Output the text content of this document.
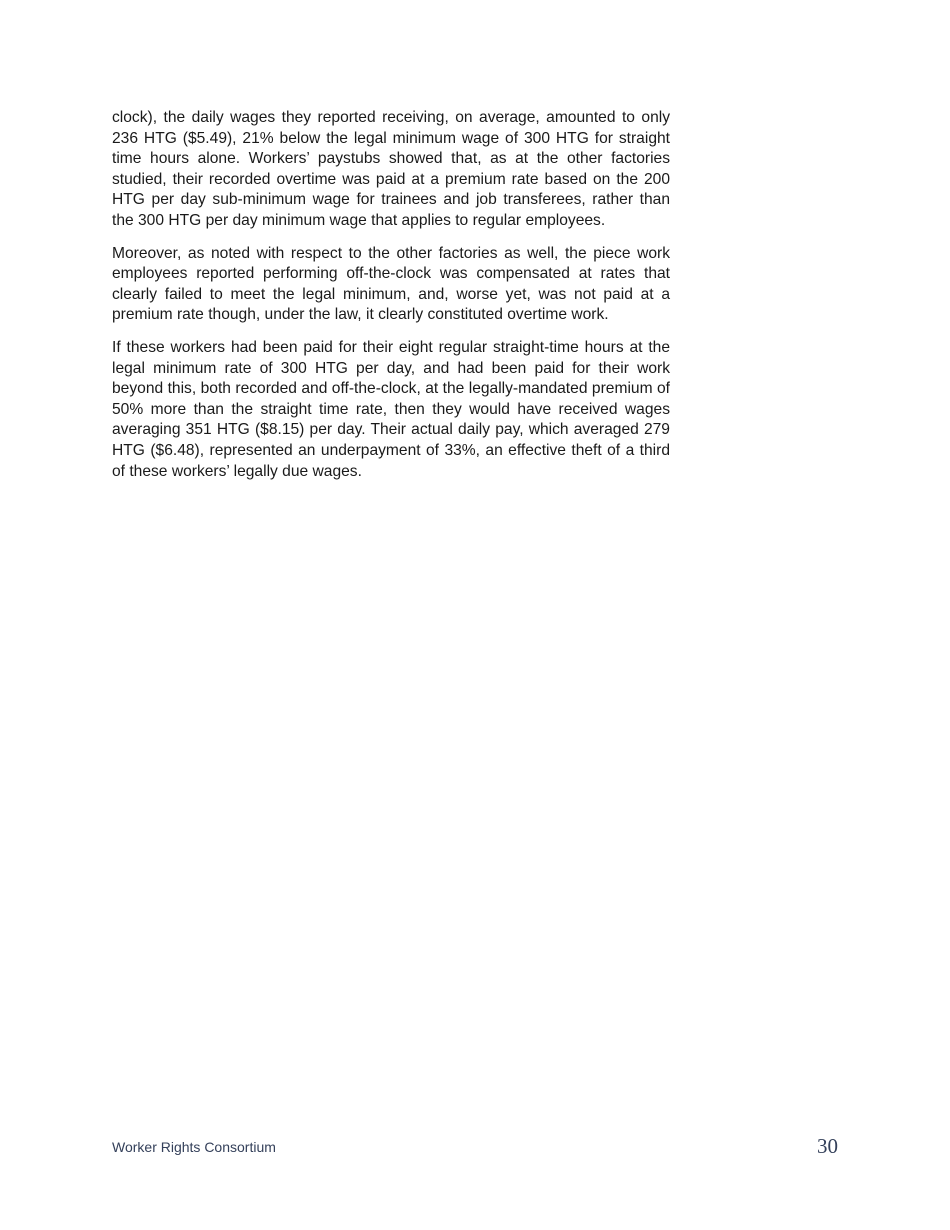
clock), the daily wages they reported receiving, on average, amounted to only 236 HTG ($5.49), 21% below the legal minimum wage of 300 HTG for straight time hours alone. Workers’ paystubs showed that, as at the other factories studied, their recorded overtime was paid at a premium rate based on the 200 HTG per day sub-minimum wage for trainees and job transferees, rather than the 300 HTG per day minimum wage that applies to regular employees.

Moreover, as noted with respect to the other factories as well, the piece work employees reported performing off-the-clock was compensated at rates that clearly failed to meet the legal minimum, and, worse yet, was not paid at a premium rate though, under the law, it clearly constituted overtime work.

If these workers had been paid for their eight regular straight-time hours at the legal minimum rate of 300 HTG per day, and had been paid for their work beyond this, both recorded and off-the-clock, at the legally-mandated premium of 50% more than the straight time rate, then they would have received wages averaging 351 HTG ($8.15) per day. Their actual daily pay, which averaged 279 HTG ($6.48), represented an underpayment of 33%, an effective theft of a third of these workers’ legally due wages.

Worker Rights Consortium	30
